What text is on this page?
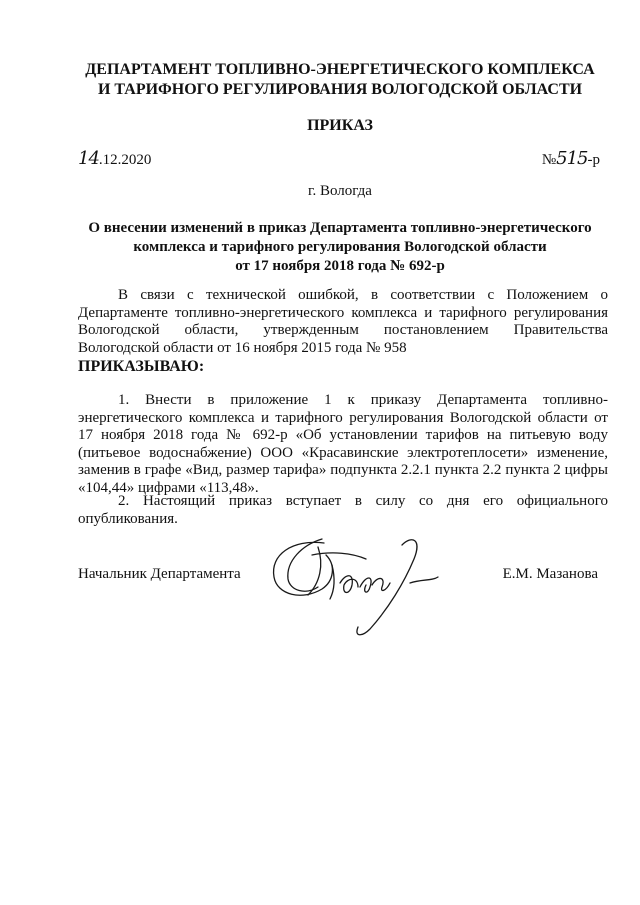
ДЕПАРТАМЕНТ ТОПЛИВНО-ЭНЕРГЕТИЧЕСКОГО КОМПЛЕКСА
И ТАРИФНОГО РЕГУЛИРОВАНИЯ ВОЛОГОДСКОЙ ОБЛАСТИ
ПРИКАЗ
14.12.2020	№515-р
г. Вологда
О внесении изменений в приказ Департамента топливно-энергетического
комплекса и тарифного регулирования Вологодской области
от 17 ноября 2018 года № 692-р
В связи с технической ошибкой, в соответствии с Положением о Департаменте топливно-энергетического комплекса и тарифного регулирования Вологодской области, утвержденным постановлением Правительства Вологодской области от 16 ноября 2015 года № 958
ПРИКАЗЫВАЮ:
1. Внести в приложение 1 к приказу Департамента топливно-энергетического комплекса и тарифного регулирования Вологодской области от 17 ноября 2018 года № 692-р «Об установлении тарифов на питьевую воду (питьевое водоснабжение) ООО «Красавинские электротеплосети» изменение, заменив в графе «Вид, размер тарифа» подпункта 2.2.1 пункта 2.2 пункта 2 цифры «104,44» цифрами «113,48».
2. Настоящий приказ вступает в силу со дня его официального опубликования.
Начальник Департамента	Е.М. Мазанова
